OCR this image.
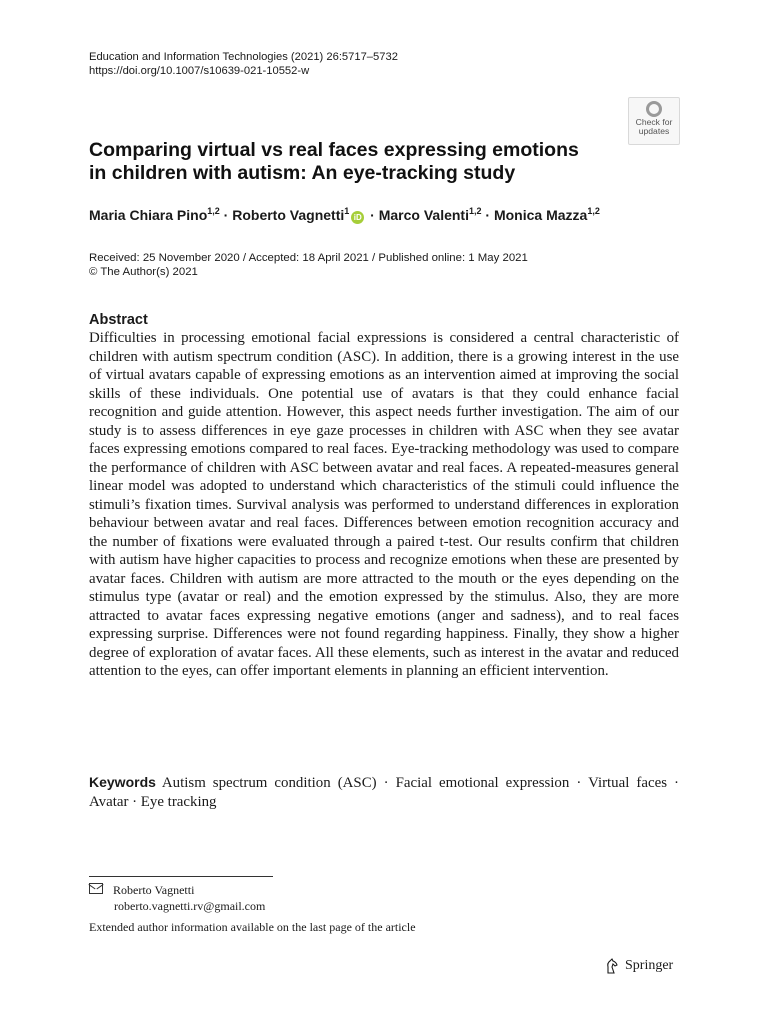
Education and Information Technologies (2021) 26:5717–5732
https://doi.org/10.1007/s10639-021-10552-w
Check for
updates
Comparing virtual vs real faces expressing emotions
in children with autism: An eye-tracking study
Maria Chiara Pino$^{1,2}$ · Roberto Vagnetti$^1$iD · Marco Valenti$^{1,2}$ · Monica Mazza$^{1,2}$
Received: 25 November 2020 / Accepted: 18 April 2021 / Published online: 1 May 2021
© The Author(s) 2021
Abstract

Difficulties in processing emotional facial expressions is considered a central characteristic of children with autism spectrum condition (ASC). In addition, there is a growing interest in the use of virtual avatars capable of expressing emotions as an intervention aimed at improving the social skills of these individuals. One potential use of avatars is that they could enhance facial recognition and guide attention. However, this aspect needs further investigation. The aim of our study is to assess differences in eye gaze processes in children with ASC when they see avatar faces expressing emotions compared to real faces. Eye-tracking methodology was used to compare the performance of children with ASC between avatar and real faces. A repeated-measures general linear model was adopted to understand which characteristics of the stimuli could influence the stimuli’s fixation times. Survival analysis was performed to understand differences in exploration behaviour between avatar and real faces. Differences between emotion recognition accuracy and the number of fixations were evaluated through a paired t-test. Our results confirm that children with autism have higher capacities to process and recognize emotions when these are presented by avatar faces. Children with autism are more attracted to the mouth or the eyes depending on the stimulus type (avatar or real) and the emotion expressed by the stimulus. Also, they are more attracted to avatar faces expressing negative emotions (anger and sadness), and to real faces expressing surprise. Differences were not found regarding happiness. Finally, they show a higher degree of exploration of avatar faces. All these elements, such as interest in the avatar and reduced attention to the eyes, can offer important elements in planning an efficient intervention.

Keywords Autism spectrum condition (ASC) · Facial emotional expression · Virtual faces · Avatar · Eye tracking
Roberto Vagnetti
roberto.vagnetti.rv@gmail.com
Extended author information available on the last page of the article
Springer
